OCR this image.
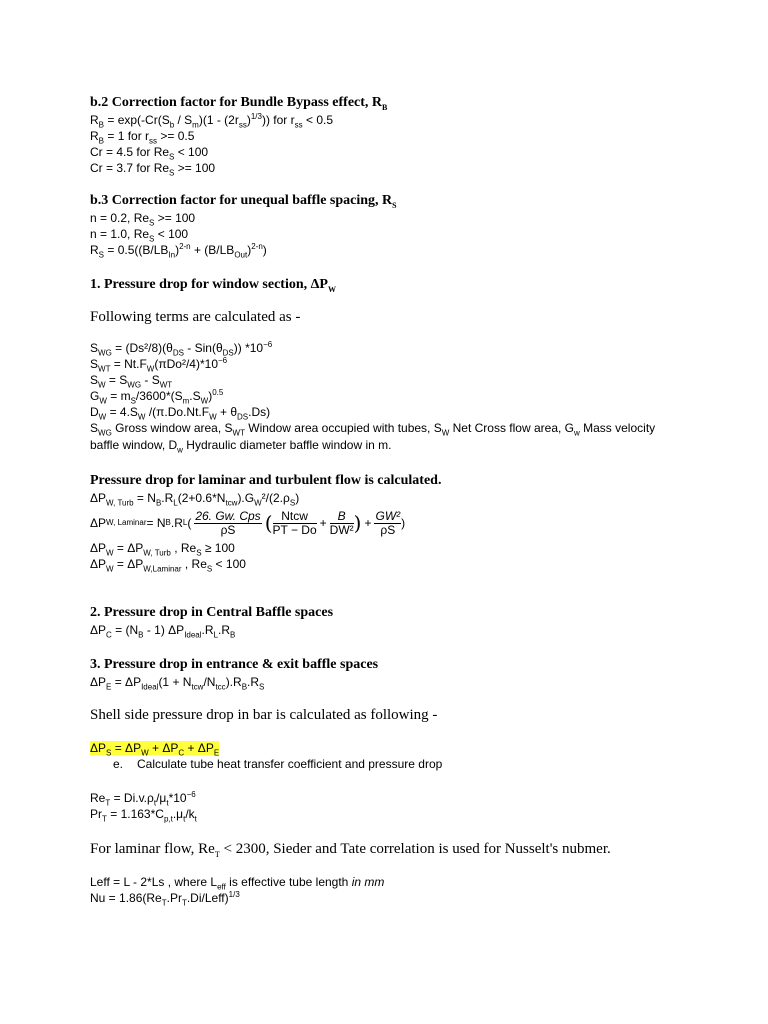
b.2 Correction factor for Bundle Bypass effect, $R_B$
$R_B = \exp(-Cr(S_b / S_m)(1 - (2r_{ss})^{1/3}))$ for $r_{ss} < 0.5$
$R_B = 1$ for $r_{ss} >= 0.5$
Cr = 4.5 for $Re_S < 100$
Cr = 3.7 for $Re_S >= 100$
b.3 Correction factor for unequal baffle spacing, $R_S$
n = 0.2, $Re_S >= 100$
n = 1.0, $Re_S < 100$
$R_S = 0.5((B/LB_{In})^{2-n} + (B/LB_{Out})^{2-n})$
1. Pressure drop for window section, $\Delta P_W$
Following terms are calculated as -
$S_{WG} = (Ds^2/8)(\theta_{DS} - Sin(\theta_{DS}))$ $*10^{-6}$
$S_{WT} = Nt.F_W(\pi Do^2/4)*10^{-6}$
$S_W = S_{WG} - S_{WT}$
$G_W = m_S/3600*(S_m.S_W)^{0.5}$
$D_W = 4.S_W$ $/(\pi.Do.Nt.F_W + \theta_{DS}.Ds)$
$S_{WG}$ Gross window area, $S_{WT}$ Window area occupied with tubes, $S_W$ Net Cross flow area, $G_w$ Mass velocity baffle window, $D_w$ Hydraulic diameter baffle window in m.
Pressure drop for laminar and turbulent flow is calculated.
$\Delta P_{W, Turb} = N_B.R_L(2+0.6*N_{tcw}).G_W^2/(2.\rho_S)$
ΔP W, Laminar = N B .R L ( $\frac{\text{26. Gw. Cps}}{\rho S}$ ( $\frac{\text{Ntcw}}{PT - Do} + \frac{B}{\text{DW²}}$ ) + $\frac{\text{GW²}}{\rho S}$ )
$\Delta P_W = \Delta P_{W, Turb}$ , $Re_S \ge 100$
$\Delta P_W = \Delta P_{W,Laminar}$ , $Re_S < 100$
2. Pressure drop in Central Baffle spaces
$\Delta P_C = (N_B - 1)$ $\Delta P_{Ideal}.R_L.R_B$
3. Pressure drop in entrance & exit baffle spaces
$\Delta P_E = \Delta P_{Ideal}(1 + N_{tcw}/N_{tcc}).R_B.R_S$
Shell side pressure drop in bar is calculated as following -
$\Delta P_S = \Delta P_W + \Delta P_C + \Delta P_E$
e. Calculate tube heat transfer coefficient and pressure drop
$Re_T = Di.v.\rho_t/\mu_t*10^{-6}$
$Pr_T = 1.163*C_{p,t}.\mu_t/k_t$
For laminar flow, $Re_T < 2300$, Sieder and Tate correlation is used for Nusselt's nubmer.
Leff = L - 2*Ls , where $L_{eff}$ is effective tube length in mm
$Nu = 1.86(Re_T.Pr_T.Di/Leff)^{1/3}$
